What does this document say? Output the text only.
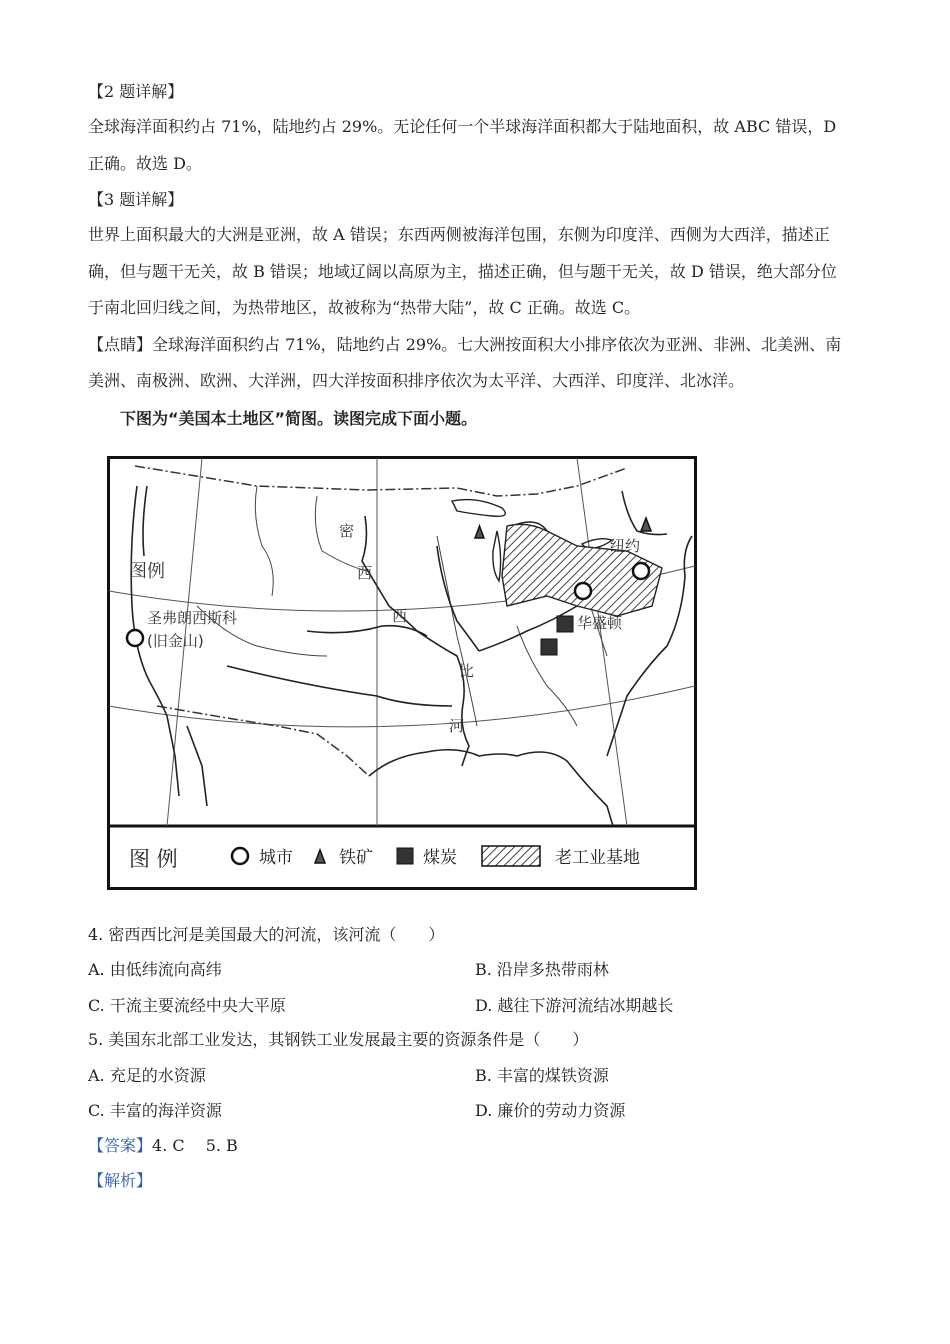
【2 题详解】
全球海洋面积约占 71%，陆地约占 29%。无论任何一个半球海洋面积都大于陆地面积，故 ABC 错误，D
正确。故选 D。
【3 题详解】
世界上面积最大的大洲是亚洲，故 A 错误；东西两侧被海洋包围，东侧为印度洋、西侧为大西洋，描述正
确，但与题干无关，故 B 错误；地域辽阔以高原为主，描述正确，但与题干无关，故 D 错误，绝大部分位
于南北回归线之间，为热带地区，故被称为“热带大陆”，故 C 正确。故选 C。
【点睛】全球海洋面积约占 71%，陆地约占 29%。七大洲按面积大小排序依次为亚洲、非洲、北美洲、南
美洲、南极洲、欧洲、大洋洲，四大洋按面积排序依次为太平洋、大西洋、印度洋、北冰洋。
下图为“美国本土地区”简图。读图完成下面小题。
密
西
西
比
河
图例
圣弗朗西斯科
(旧金山)
纽约
华盛顿
图 例	城市	铁矿	煤炭	老工业基地
4. 密西西比河是美国最大的河流，该河流（　　）
A. 由低纬流向高纬	B. 沿岸多热带雨林
C. 干流主要流经中央大平原	D. 越往下游河流结冰期越长
5. 美国东北部工业发达，其钢铁工业发展最主要的资源条件是（　　）
A. 充足的水资源	B. 丰富的煤铁资源
C. 丰富的海洋资源	D. 廉价的劳动力资源
【答案】4. C　 5. B
【解析】
